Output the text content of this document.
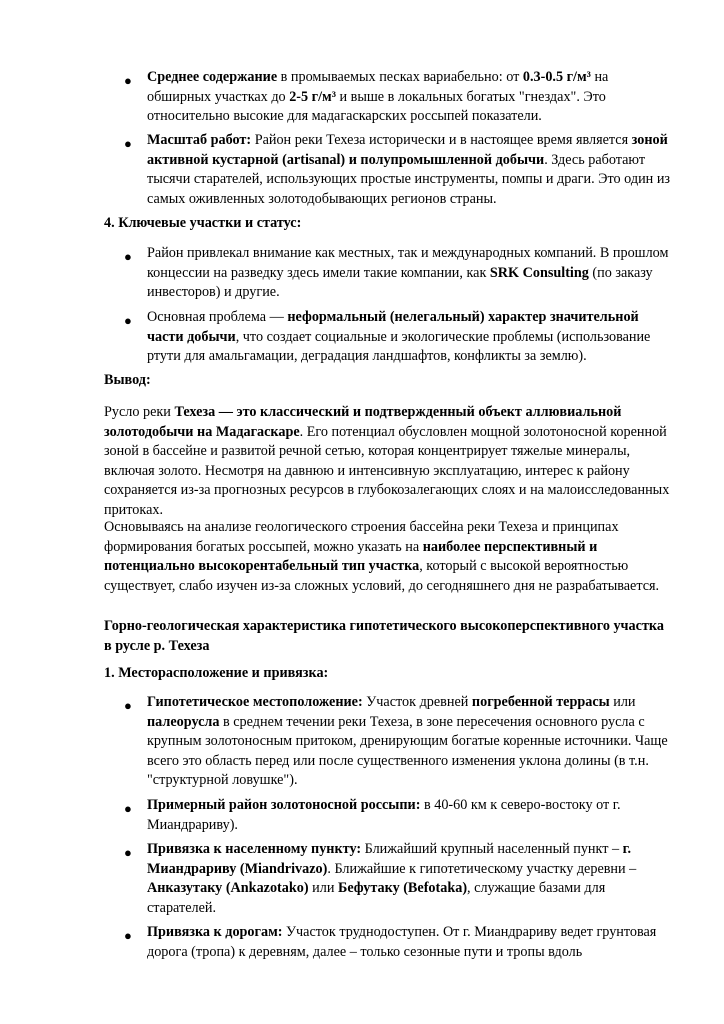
● Среднее содержание в промываемых песках вариабельно: от 0.3-0.5 г/м³ на обширных участках до 2-5 г/м³ и выше в локальных богатых "гнездах". Это относительно высокие для мадагаскарских россыпей показатели.

● Масштаб работ: Район реки Техеза исторически и в настоящее время является зоной активной кустарной (artisanal) и полупромышленной добычи. Здесь работают тысячи старателей, использующих простые инструменты, помпы и драги. Это один из самых оживленных золотодобывающих регионов страны.

4. Ключевые участки и статус:

● Район привлекал внимание как местных, так и международных компаний. В прошлом концессии на разведку здесь имели такие компании, как SRK Consulting (по заказу инвесторов) и другие.

● Основная проблема — неформальный (нелегальный) характер значительной части добычи, что создает социальные и экологические проблемы (использование ртути для амальгамации, деградация ландшафтов, конфликты за землю).

Вывод:

Русло реки Техеза — это классический и подтвержденный объект аллювиальной золотодобычи на Мадагаскаре. Его потенциал обусловлен мощной золотоносной коренной зоной в бассейне и развитой речной сетью, которая концентрирует тяжелые минералы, включая золото. Несмотря на давнюю и интенсивную эксплуатацию, интерес к району сохраняется из-за прогнозных ресурсов в глубокозалегающих слоях и на малоисследованных притоках.

Основываясь на анализе геологического строения бассейна реки Техеза и принципах формирования богатых россыпей, можно указать на наиболее перспективный и потенциально высокорентабельный тип участка, который с высокой вероятностью существует, слабо изучен из-за сложных условий, до сегодняшнего дня не разрабатывается.

Горно-геологическая характеристика гипотетического высокоперспективного участка в русле р. Техеза

1. Месторасположение и привязка:

● Гипотетическое местоположение: Участок древней погребенной террасы или палеорусла в среднем течении реки Техеза, в зоне пересечения основного русла с крупным золотоносным притоком, дренирующим богатые коренные источники. Чаще всего это область перед или после существенного изменения уклона долины (в т.н. "структурной ловушке").

● Примерный район золотоносной россыпи: в 40-60 км к северо-востоку от г. Миандрариву).

● Привязка к населенному пункту: Ближайший крупный населенный пункт – г. Миандрариву (Miandrivazo). Ближайшие к гипотетическому участку деревни – Анказутаку (Ankazotako) или Бефутаку (Befotaka), служащие базами для старателей.

● Привязка к дорогам: Участок труднодоступен. От г. Миандрариву ведет грунтовая дорога (тропа) к деревням, далее – только сезонные пути и тропы вдоль
